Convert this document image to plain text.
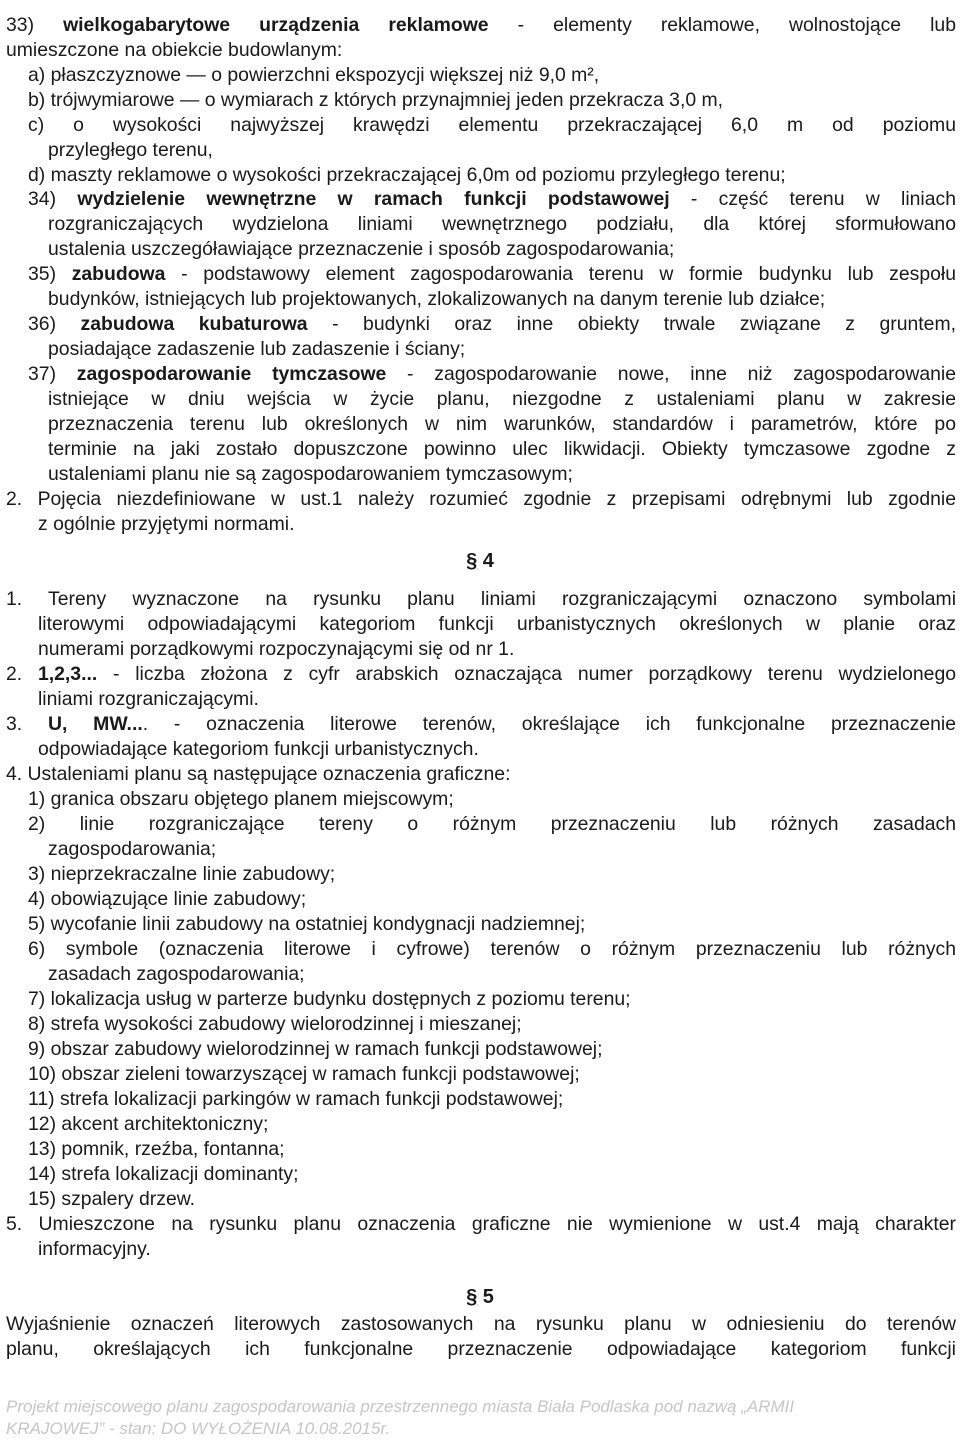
33) wielkogabarytowe urządzenia reklamowe - elementy reklamowe, wolnostojące lub
umieszczone na obiekcie budowlanym:
a) płaszczyznowe — o powierzchni ekspozycji większej niż 9,0 m²,
b) trójwymiarowe — o wymiarach z których przynajmniej jeden przekracza 3,0 m,
c) o wysokości najwyższej krawędzi elementu przekraczającej 6,0 m od poziomu
przyległego terenu,
d) maszty reklamowe o wysokości przekraczającej 6,0m od poziomu przyległego terenu;
34) wydzielenie wewnętrzne w ramach funkcji podstawowej - część terenu w liniach
rozgraniczających wydzielona liniami wewnętrznego podziału, dla której sformułowano
ustalenia uszczegóławiające przeznaczenie i sposób zagospodarowania;
35) zabudowa - podstawowy element zagospodarowania terenu w formie budynku lub zespołu
budynków, istniejących lub projektowanych, zlokalizowanych na danym terenie lub działce;
36) zabudowa kubaturowa - budynki oraz inne obiekty trwale związane z gruntem,
posiadające zadaszenie lub zadaszenie i ściany;
37) zagospodarowanie tymczasowe - zagospodarowanie nowe, inne niż zagospodarowanie
istniejące w dniu wejścia w życie planu, niezgodne z ustaleniami planu w zakresie
przeznaczenia terenu lub określonych w nim warunków, standardów i parametrów, które po
terminie na jaki zostało dopuszczone powinno ulec likwidacji. Obiekty tymczasowe zgodne z
ustaleniami planu nie są zagospodarowaniem tymczasowym;
2. Pojęcia niezdefiniowane w ust.1 należy rozumieć zgodnie z przepisami odrębnymi lub zgodnie
z ogólnie przyjętymi normami.
1. Tereny wyznaczone na rysunku planu liniami rozgraniczającymi oznaczono symbolami
literowymi odpowiadającymi kategoriom funkcji urbanistycznych określonych w planie oraz
numerami porządkowymi rozpoczynającymi się od nr 1.
2. 1,2,3... - liczba złożona z cyfr arabskich oznaczająca numer porządkowy terenu wydzielonego
liniami rozgraniczającymi.
3. U, MW.... - oznaczenia literowe terenów, określające ich funkcjonalne przeznaczenie
odpowiadające kategoriom funkcji urbanistycznych.
4. Ustaleniami planu są następujące oznaczenia graficzne:
1) granica obszaru objętego planem miejscowym;
2) linie rozgraniczające tereny o różnym przeznaczeniu lub różnych zasadach
zagospodarowania;
3) nieprzekraczalne linie zabudowy;
4) obowiązujące linie zabudowy;
5) wycofanie linii zabudowy na ostatniej kondygnacji nadziemnej;
6) symbole (oznaczenia literowe i cyfrowe) terenów o różnym przeznaczeniu lub różnych
zasadach zagospodarowania;
7) lokalizacja usług w parterze budynku dostępnych z poziomu terenu;
8) strefa wysokości zabudowy wielorodzinnej i mieszanej;
9) obszar zabudowy wielorodzinnej w ramach funkcji podstawowej;
10) obszar zieleni towarzyszącej w ramach funkcji podstawowej;
11) strefa lokalizacji parkingów w ramach funkcji podstawowej;
12) akcent architektoniczny;
13) pomnik, rzeźba, fontanna;
14) strefa lokalizacji dominanty;
15) szpalery drzew.
5. Umieszczone na rysunku planu oznaczenia graficzne nie wymienione w ust.4 mają charakter
informacyjny.
Wyjaśnienie oznaczeń literowych zastosowanych na rysunku planu w odniesieniu do terenów
planu, określających ich funkcjonalne przeznaczenie odpowiadające kategoriom funkcji
§ 4
§ 5
Projekt miejscowego planu zagospodarowania przestrzennego miasta Biała Podlaska pod nazwą „ARMII
KRAJOWEJ” - stan: DO WYŁOŻENIA 10.08.2015r.
